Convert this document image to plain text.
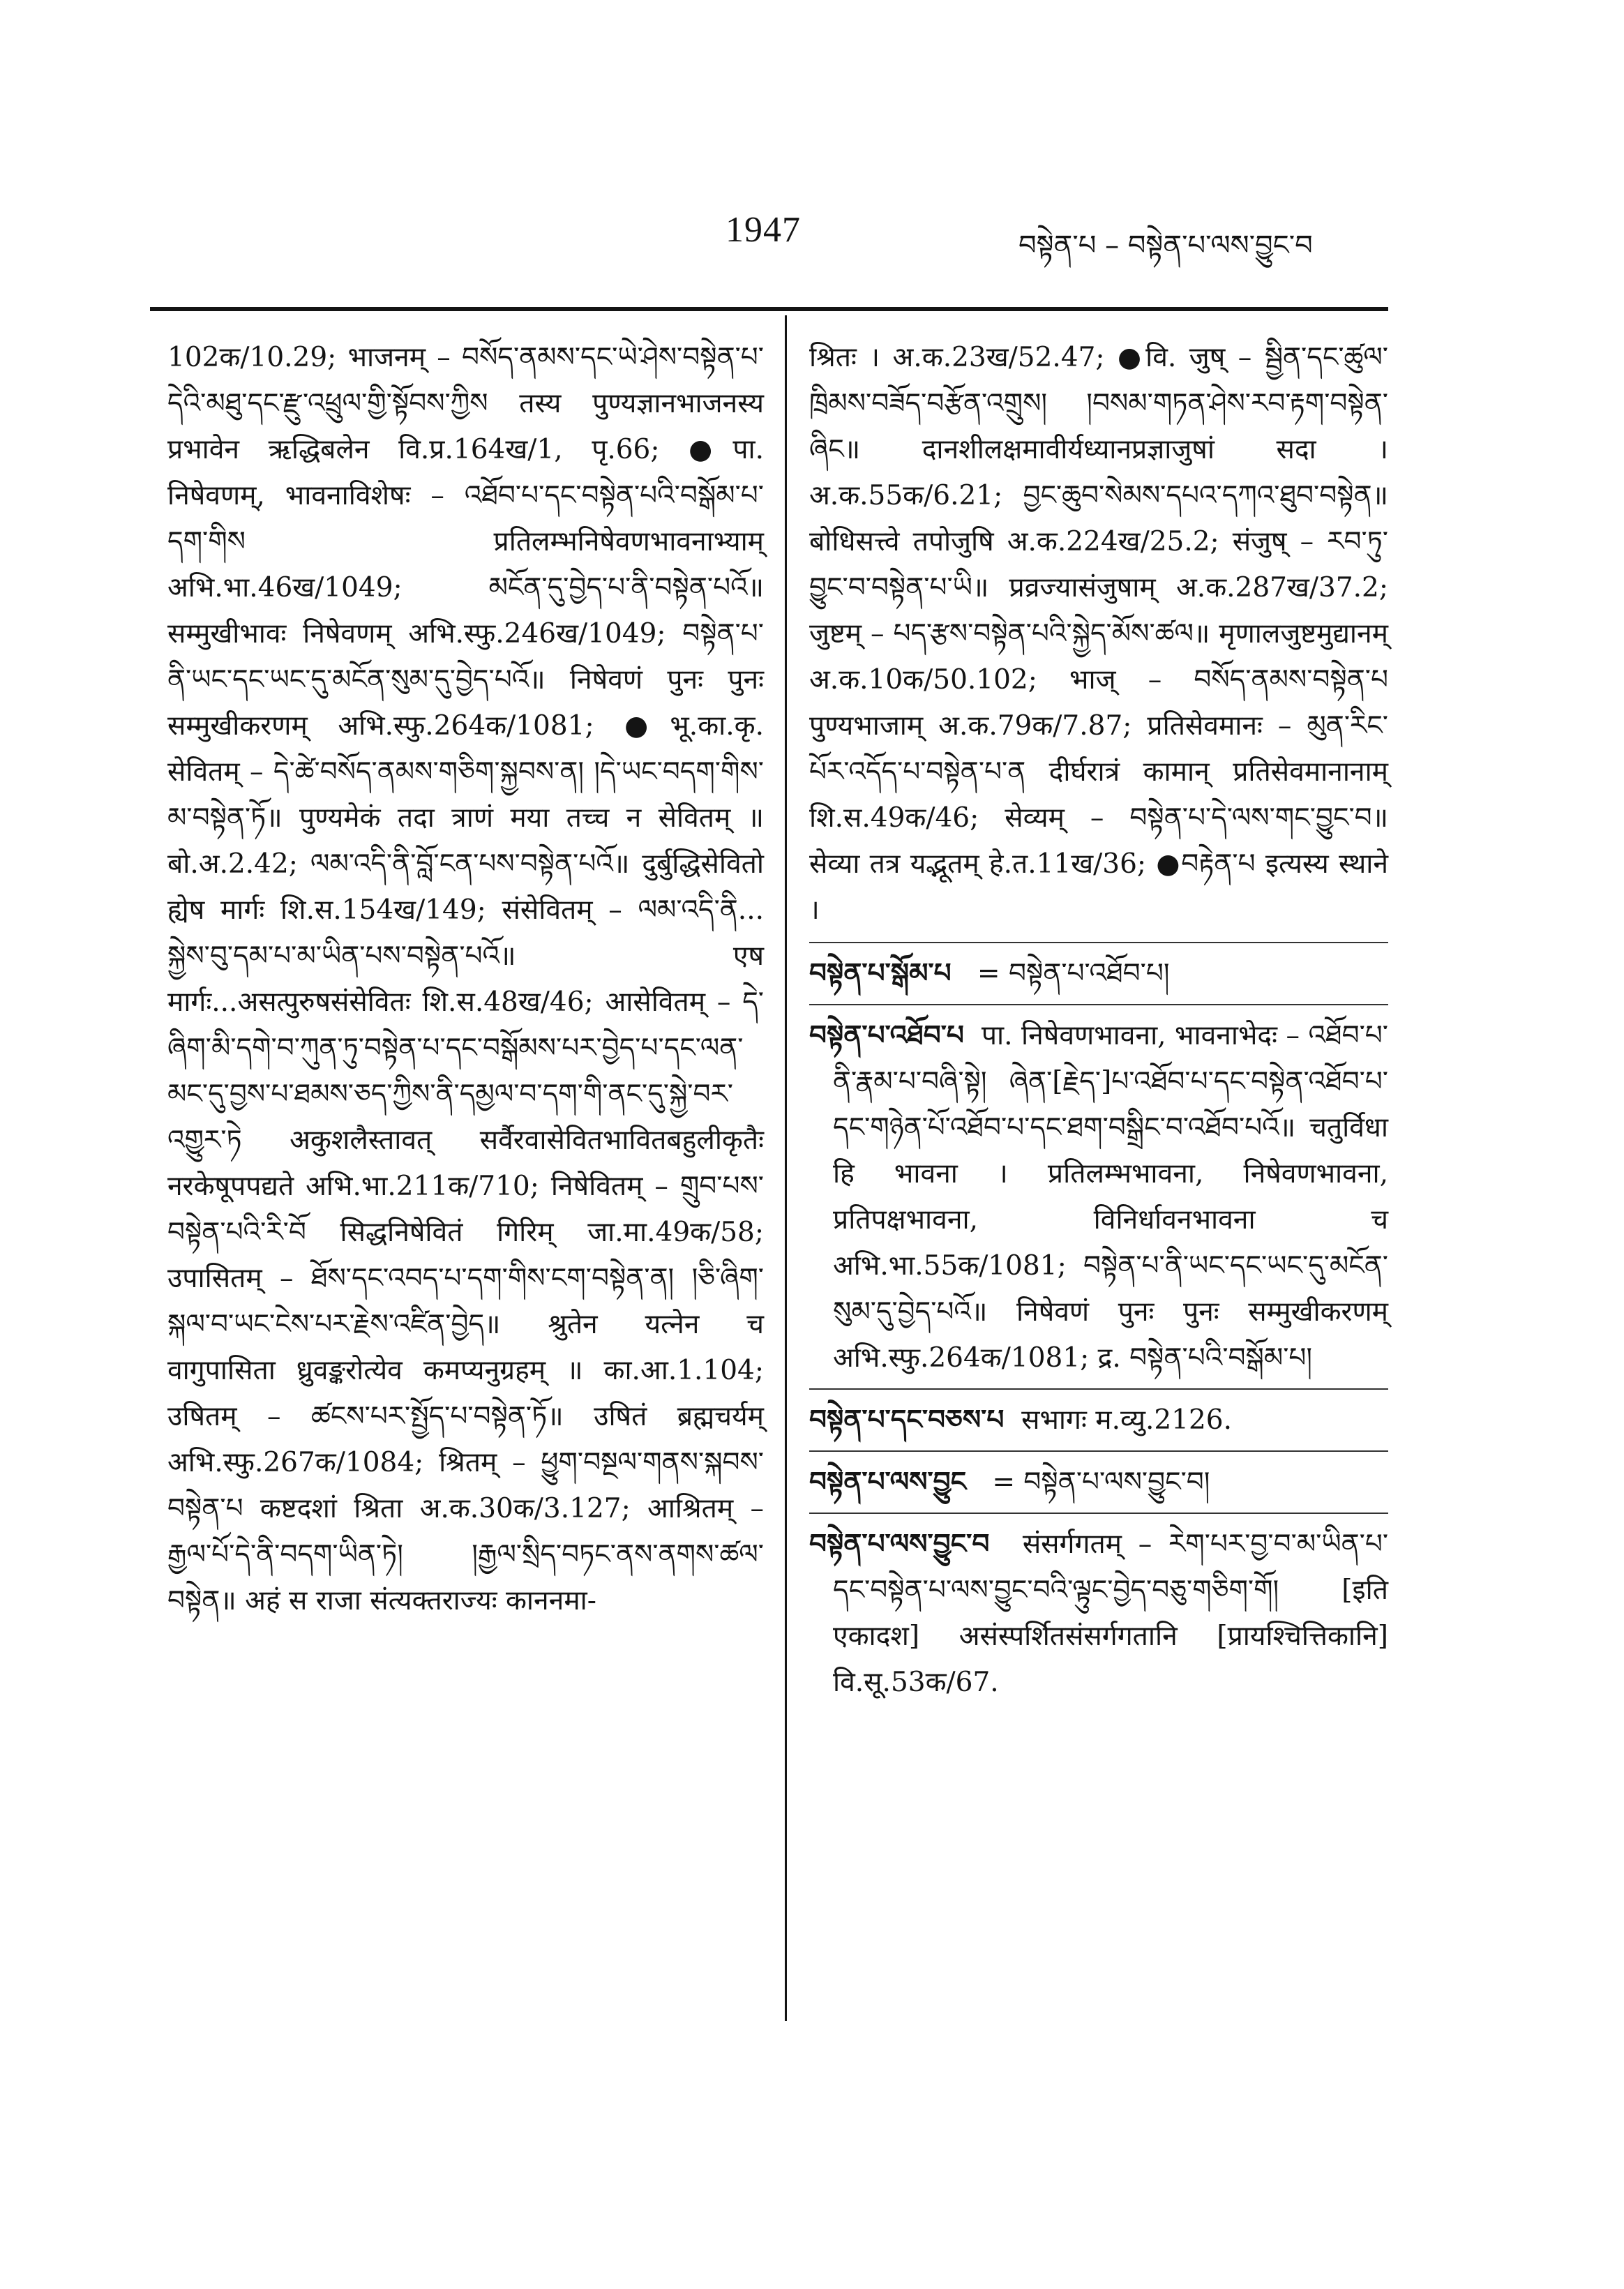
1947	བསྟེན་པ – བསྟེན་པ་ལས་བྱུང་བ

102क/10.29; भाजनम् – བསོད་ནམས་དང་ཡེ་ཤེས་བསྟེན་པ་དེའི་མཐུ་དང་རྫུ་འཕྲུལ་གྱི་སྟོབས་ཀྱིས तस्य पुण्यज्ञानभाजनस्य प्रभावेन ऋद्धिबलेन वि.प्र.164ख/1, पृ.66; ●पा. निषेवणम्, भावनाविशेषः – འཐོབ་པ་དང་བསྟེན་པའི་བསྒོམ་པ་དག་གིས प्रतिलम्भनिषेवणभावनाभ्याम् अभि.भा.46ख/1049; མངོན་དུ་བྱེད་པ་ནི་བསྟེན་པའོ॥ सम्मुखीभावः निषेवणम् अभि.स्फु.246ख/1049; བསྟེན་པ་ནི་ཡང་དང་ཡང་དུ་མངོན་སུམ་དུ་བྱེད་པའོ॥ निषेवणं पुनः पुनः सम्मुखीकरणम् अभि.स्फु.264क/1081; ●भू.का.कृ. सेवितम् – དེ་ཚེ་བསོད་ནམས་གཅིག་སྐྱབས་ན། །དེ་ཡང་བདག་གིས་མ་བསྟེན་ཏོ॥ पुण्यमेकं तदा त्राणं मया तच्च न सेवितम् ॥ बो.अ.2.42; ལམ་འདི་ནི་བློ་ངན་པས་བསྟེན་པའོ॥ दुर्बुद्धिसेवितो ह्येष मार्गः शि.स.154ख/149; संसेवितम् – ལམ་འདི་ནི... སྐྱེས་བུ་དམ་པ་མ་ཡིན་པས་བསྟེན་པའོ॥ एष मार्गः...असत्पुरुषसंसेवितः शि.स.48ख/46; आसेवितम् – དེ་ཞིག་མི་དགེ་བ་ཀུན་ཏུ་བསྟེན་པ་དང་བསྒོམས་པར་བྱེད་པ་དང་ལན་མང་དུ་བྱས་པ་ཐམས་ཅད་ཀྱིས་ནི་དམྱལ་བ་དག་གི་ནང་དུ་སྐྱེ་བར་འགྱུར་ཏེ अकुशलैस्तावत् सर्वैरवासेवितभावितबहुलीकृतैः नरकेषूपपद्यते अभि.भा.211क/710; निषेवितम् – གྲུབ་པས་བསྟེན་པའི་རི་བོ सिद्धनिषेवितं गिरिम् जा.मा.49क/58; उपासितम् – ཐོས་དང་འབད་པ་དག་གིས་ངག་བསྟེན་ན། །ཅི་ཞིག་སྐལ་བ་ཡང་ངེས་པར་རྗེས་འཛིན་བྱེད॥ श्रुतेन यत्नेन च वागुपासिता ध्रुवङ्करोत्येव कमप्यनुग्रहम् ॥ का.आ.1.104; उषितम् – ཚངས་པར་སྤྱོད་པ་བསྟེན་ཏོ॥ उषितं ब्रह्मचर्यम् अभि.स्फु.267क/1084; श्रितम् – ཕྱུག་བསྔལ་གནས་སྐབས་བསྟེན་པ कष्टदशां श्रिता अ.क.30क/3.127; आश्रितम् – རྒྱལ་པོ་དེ་ནི་བདག་ཡིན་ཏེ། །རྒྱལ་སྲིད་བཏང་ནས་ནགས་ཚལ་བསྟེན॥ अहं स राजा संत्यक्तराज्यः काननमा-

श्रितः । अ.क.23ख/52.47; ●वि. जुष् – སྦྱིན་དང་ཚུལ་ཁྲིམས་བཟོད་བརྩོན་འགྲུས། །བསམ་གཏན་ཤེས་རབ་རྟག་བསྟེན་ཞིང॥ दानशीलक्षमावीर्यध्यानप्रज्ञाजुषां सदा । अ.क.55क/6.21; བྱང་ཆུབ་སེམས་དཔའ་དཀའ་ཐུབ་བསྟེན॥ बोधिसत्त्वे तपोजुषि अ.क.224ख/25.2; संजुष् – རབ་ཏུ་བྱུང་བ་བསྟེན་པ་ཡི॥ प्रव्रज्यासंजुषाम् अ.क.287ख/37.2; जुष्टम् – པད་རྩས་བསྟེན་པའི་སྐྱེད་མོས་ཚལ॥ मृणालजुष्टमुद्यानम् अ.क.10क/50.102; भाज् – བསོད་ནམས་བསྟེན་པ पुण्यभाजाम् अ.क.79क/7.87; प्रतिसेवमानः – མུན་རིང་པོར་འདོད་པ་བསྟེན་པ་ན दीर्घरात्रं कामान् प्रतिसेवमानानाम् शि.स.49क/46; सेव्यम् – བསྟེན་པ་དེ་ལས་གང་བྱུང་བ॥ सेव्या तत्र यद्भूतम् हे.त.11ख/36; ●བརྟེན་པ इत्यस्य स्थाने ।

བསྟེན་པ་སྒོམ་པ = བསྟེན་པ་འཐོབ་པ།
བསྟེན་པ་འཐོབ་པ पा. निषेवणभावना, भावनाभेदः – འཐོབ་པ་ནི་རྣམ་པ་བཞི་སྟེ། ཞེན་[རྗེད་]པ་འཐོབ་པ་དང་བསྟེན་འཐོབ་པ་དང་གཉེན་པོ་འཐོབ་པ་དང་ཐག་བསྒྲིང་བ་འཐོབ་པའོ॥ चतुर्विधा हि भावना । प्रतिलम्भभावना, निषेवणभावना, प्रतिपक्षभावना, विनिर्धावनभावना च अभि.भा.55क/1081; བསྟེན་པ་ནི་ཡང་དང་ཡང་དུ་མངོན་སུམ་དུ་བྱེད་པའོ॥ निषेवणं पुनः पुनः सम्मुखीकरणम् अभि.स्फु.264क/1081; द्र. བསྟེན་པའི་བསྒོམ་པ།
བསྟེན་པ་དང་བཅས་པ सभागः म.व्यु.2126.
བསྟེན་པ་ལས་བྱུང = བསྟེན་པ་ལས་བྱུང་བ།
བསྟེན་པ་ལས་བྱུང་བ संसर्गगतम् – རེག་པར་བྱ་བ་མ་ཡིན་པ་དང་བསྟེན་པ་ལས་བྱུང་བའི་ལྟུང་བྱེད་བཅུ་གཅིག་གོ། [इति एकादश] असंस्पर्शितसंसर्गगतानि [प्रायश्चित्तिकानि] वि.सू.53क/67.
